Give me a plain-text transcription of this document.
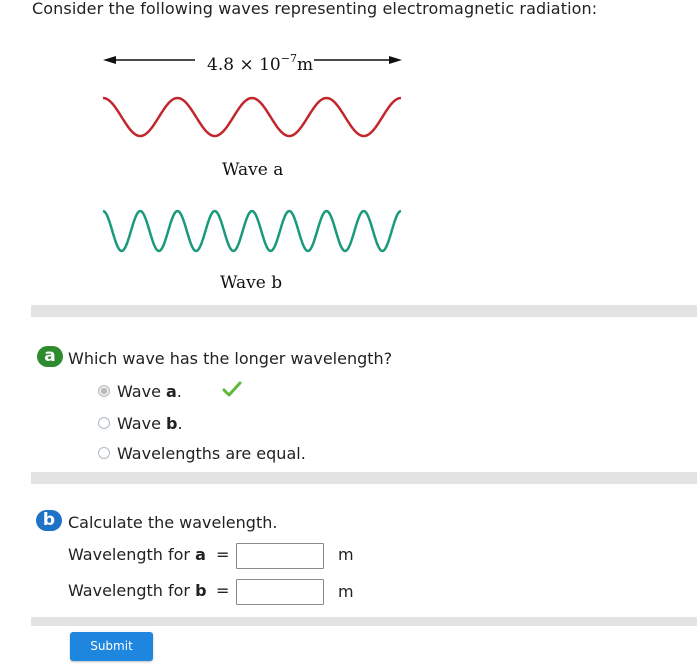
Consider the following waves representing electromagnetic radiation:
$4.8 \times 10^{-7}m$
Wave a
Wave b
a Which wave has the longer wavelength?
Wave a.
Wave b.
Wavelengths are equal.
b Calculate the wavelength.
Wavelength for a =	m
Wavelength for b =	m
Submit
